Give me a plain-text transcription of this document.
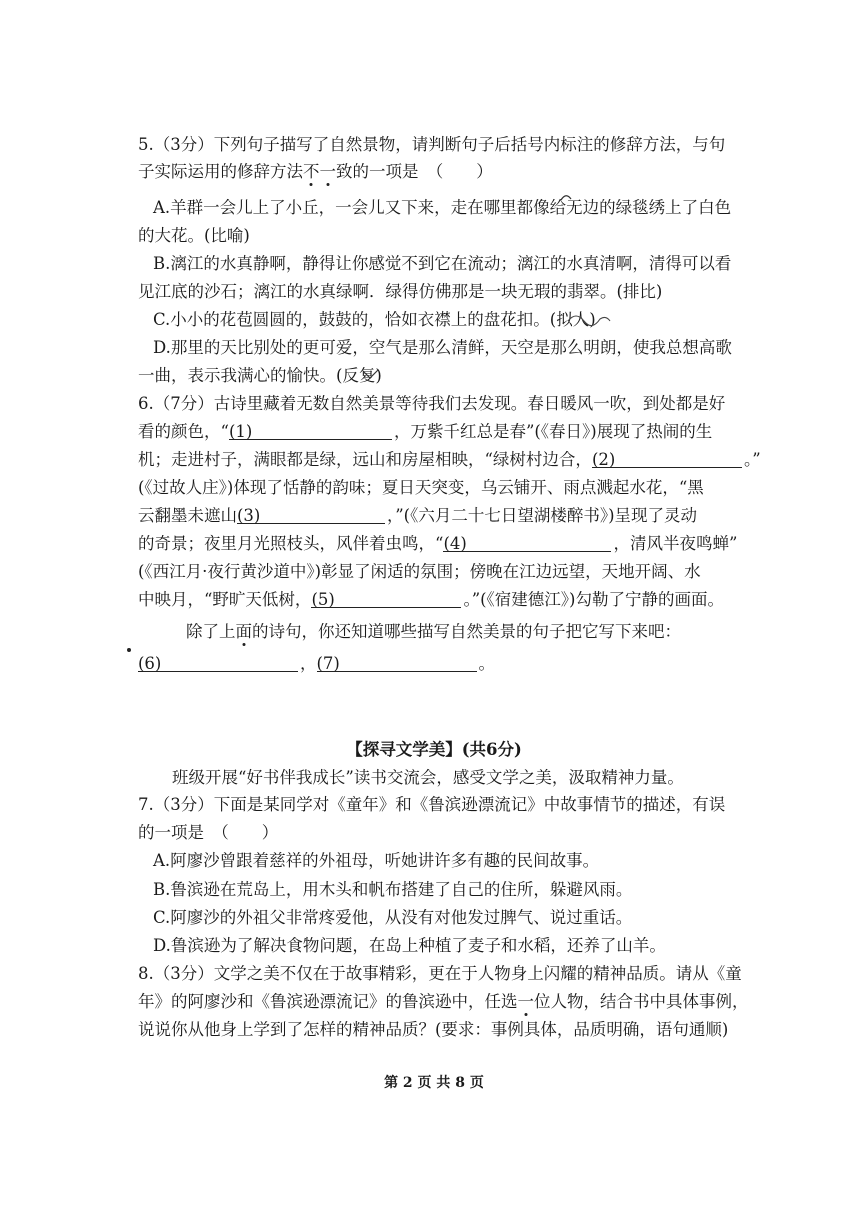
5.（3分）下列句子描写了自然景物，请判断句子后括号内标注的修辞方法，与句
子实际运用的修辞方法不一致的一项是　（　　）
A.羊群一会儿上了小丘，一会儿又下来，走在哪里都像给无边的绿毯绣上了白色
的大花。(比喻)
B.漓江的水真静啊，静得让你感觉不到它在流动；漓江的水真清啊，清得可以看
见江底的沙石；漓江的水真绿啊．绿得仿佛那是一块无瑕的翡翠。(排比)
C.小小的花苞圆圆的，鼓鼓的，恰如衣襟上的盘花扣。(拟人)
D.那里的天比别处的更可爱，空气是那么清鲜，天空是那么明朗，使我总想高歌
一曲，表示我满心的愉快。(反复)
6.（7分）古诗里藏着无数自然美景等待我们去发现。春日暖风一吹，到处都是好
看的颜色，“(1)	，万紫千红总是春”(《春日》)展现了热闹的生
机；走进村子，满眼都是绿，远山和房屋相映，“绿树村边合，(2)	。”
(《过故人庄》)体现了恬静的韵味；夏日天突变，乌云铺开、雨点溅起水花，“黑
云翻墨未遮山(3)	，”(《六月二十七日望湖楼醉书》)呈现了灵动
的奇景；夜里月光照枝头，风伴着虫鸣，“(4)	，清风半夜鸣蝉”
(《西江月·夜行黄沙道中》)彰显了闲适的氛围；傍晚在江边远望，天地开阔、水
中映月，“野旷天低树，(5)	。”(《宿建德江》)勾勒了宁静的画面。
除了上面的诗句，你还知道哪些描写自然美景的句子把它写下来吧：
(6)	，(7)	。
【探寻文学美】(共6分)
班级开展“好书伴我成长”读书交流会，感受文学之美，汲取精神力量。
7.（3分）下面是某同学对《童年》和《鲁滨逊漂流记》中故事情节的描述，有误
的一项是　（　　）
A.阿廖沙曾跟着慈祥的外祖母，听她讲许多有趣的民间故事。
B.鲁滨逊在荒岛上，用木头和帆布搭建了自己的住所，躲避风雨。
C.阿廖沙的外祖父非常疼爱他，从没有对他发过脾气、说过重话。
D.鲁滨逊为了解决食物问题，在岛上种植了麦子和水稻，还养了山羊。
8.（3分）文学之美不仅在于故事精彩，更在于人物身上闪耀的精神品质。请从《童
年》的阿廖沙和《鲁滨逊漂流记》的鲁滨逊中，任选一位人物，结合书中具体事例，
说说你从他身上学到了怎样的精神品质？(要求：事例具体，品质明确，语句通顺)
第 2 页 共 8 页
